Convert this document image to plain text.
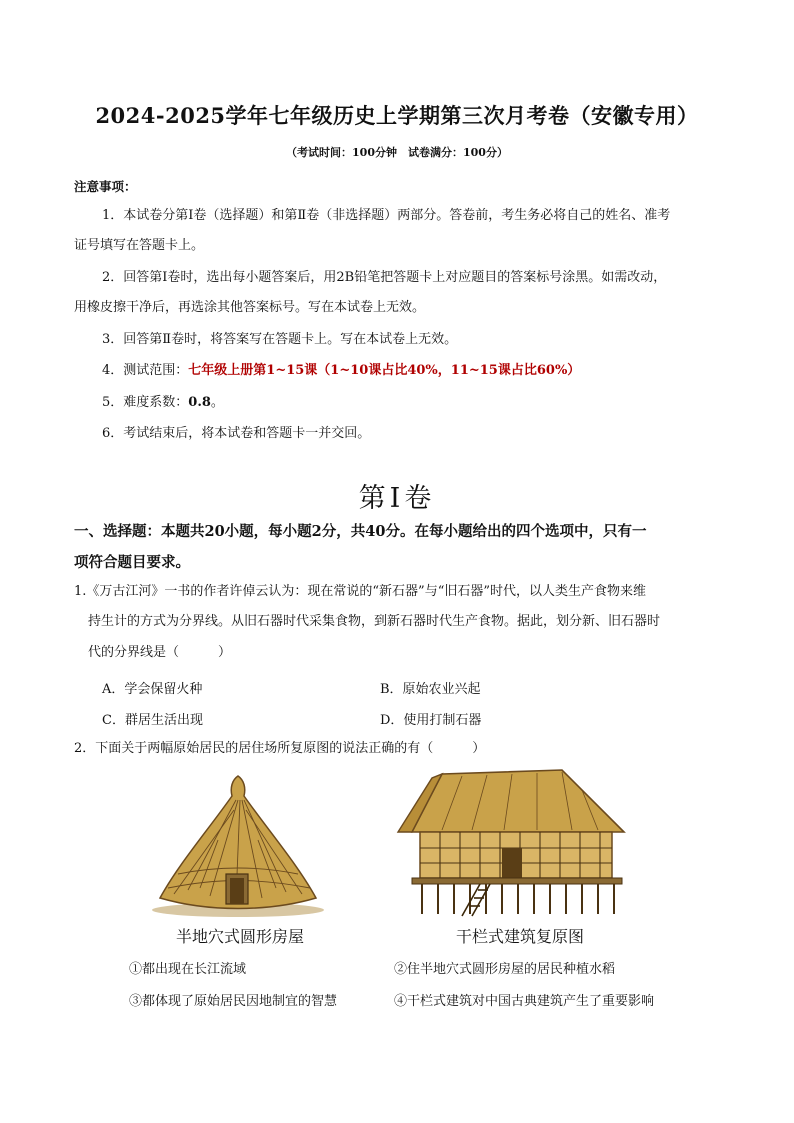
2024-2025学年七年级历史上学期第三次月考卷（安徽专用）
（考试时间：100分钟　试卷满分：100分）
注意事项：
1．本试卷分第Ⅰ卷（选择题）和第Ⅱ卷（非选择题）两部分。答卷前，考生务必将自己的姓名、准考
证号填写在答题卡上。
2．回答第Ⅰ卷时，选出每小题答案后，用2B铅笔把答题卡上对应题目的答案标号涂黑。如需改动，
用橡皮擦干净后，再选涂其他答案标号。写在本试卷上无效。
3．回答第Ⅱ卷时，将答案写在答题卡上。写在本试卷上无效。
4．测试范围：七年级上册第1~15课（1~10课占比40%，11~15课占比60%）
5．难度系数：0.8。
6．考试结束后，将本试卷和答题卡一并交回。
第Ⅰ卷
一、选择题：本题共20小题，每小题2分，共40分。在每小题给出的四个选项中，只有一
项符合题目要求。
1.《万古江河》一书的作者许倬云认为：现在常说的“新石器”与“旧石器”时代，以人类生产食物来维
持生计的方式为分界线。从旧石器时代采集食物，到新石器时代生产食物。据此，划分新、旧石器时
代的分界线是（　　　）
A．学会保留火种	B．原始农业兴起
C．群居生活出现	D．使用打制石器
2．下面关于两幅原始居民的居住场所复原图的说法正确的有（　　　）
半地穴式圆形房屋	干栏式建筑复原图
①都出现在长江流域	②住半地穴式圆形房屋的居民种植水稻
③都体现了原始居民因地制宜的智慧	④干栏式建筑对中国古典建筑产生了重要影响
